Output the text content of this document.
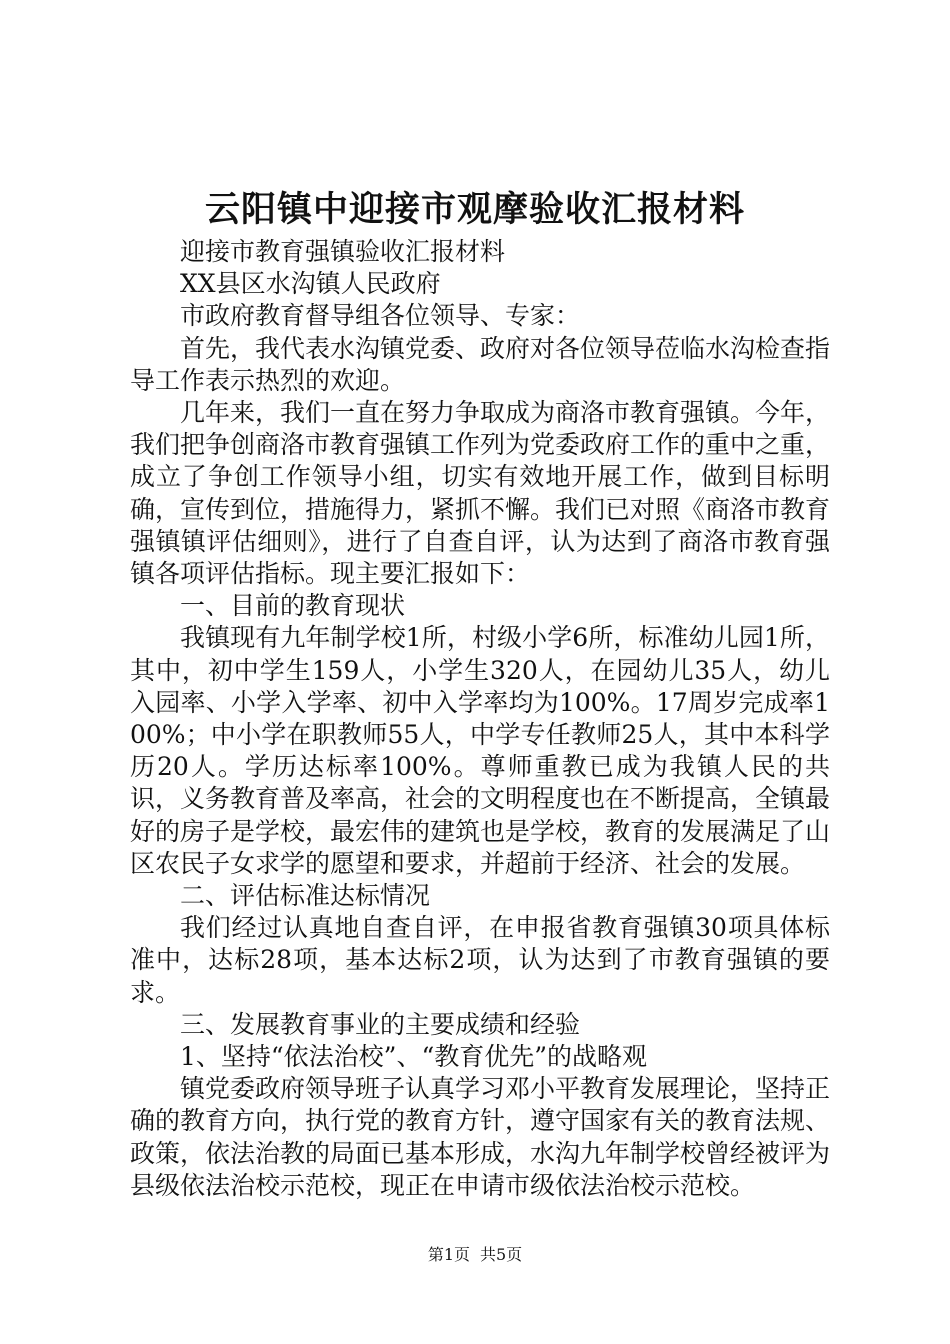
云阳镇中迎接市观摩验收汇报材料

迎接市教育强镇验收汇报材料

XX县区水沟镇人民政府

市政府教育督导组各位领导、专家：

首先，我代表水沟镇党委、政府对各位领导莅临水沟检查指导工作表示热烈的欢迎。

几年来，我们一直在努力争取成为商洛市教育强镇。今年，我们把争创商洛市教育强镇工作列为党委政府工作的重中之重，成立了争创工作领导小组，切实有效地开展工作，做到目标明确，宣传到位，措施得力，紧抓不懈。我们已对照《商洛市教育强镇镇评估细则》，进行了自查自评，认为达到了商洛市教育强镇各项评估指标。现主要汇报如下：

一、目前的教育现状

我镇现有九年制学校1所，村级小学6所，标准幼儿园1所，其中，初中学生159人，小学生320人，在园幼儿35人，幼儿入园率、小学入学率、初中入学率均为100%。17周岁完成率100%；中小学在职教师55人，中学专任教师25人，其中本科学历20人。学历达标率100%。尊师重教已成为我镇人民的共识，义务教育普及率高，社会的文明程度也在不断提高，全镇最好的房子是学校，最宏伟的建筑也是学校，教育的发展满足了山区农民子女求学的愿望和要求，并超前于经济、社会的发展。

二、评估标准达标情况

我们经过认真地自查自评，在申报省教育强镇30项具体标准中，达标28项，基本达标2项，认为达到了市教育强镇的要求。

三、发展教育事业的主要成绩和经验

1、坚持“依法治校”、“教育优先”的战略观

镇党委政府领导班子认真学习邓小平教育发展理论，坚持正确的教育方向，执行党的教育方针，遵守国家有关的教育法规、政策，依法治教的局面已基本形成，水沟九年制学校曾经被评为县级依法治校示范校，现正在申请市级依法治校示范校。

第1页 共5页
